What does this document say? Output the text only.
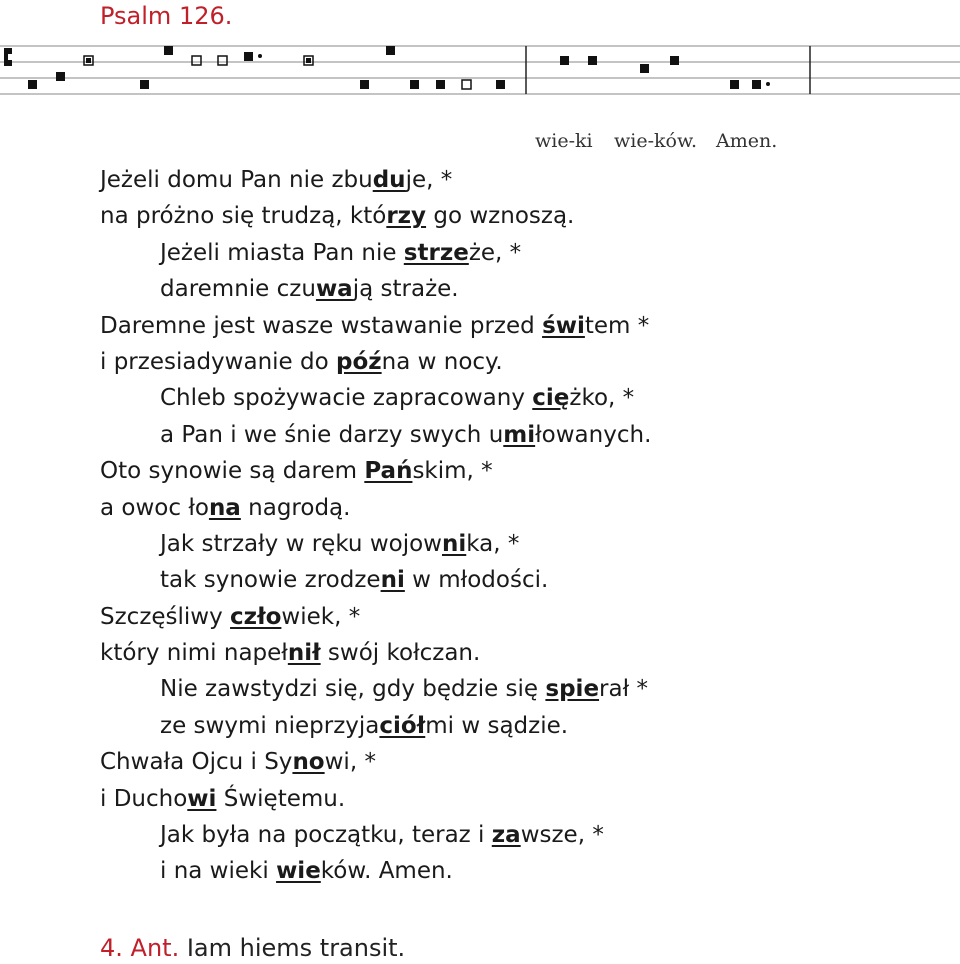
Psalm 126.
wie-ki wie-ków. Amen.
Jeżeli domu Pan nie zbuduje, *
na próżno się trudzą, którzy go wznoszą.
Jeżeli miasta Pan nie strzeże, *
daremnie czuwają straże.
Daremne jest wasze wstawanie przed świtem *
i przesiadywanie do późna w nocy.
Chleb spożywacie zapracowany ciężko, *
a Pan i we śnie darzy swych umiłowanych.
Oto synowie są darem Pańskim, *
a owoc łona nagrodą.
Jak strzały w ręku wojownika, *
tak synowie zrodzeni w młodości.
Szczęśliwy człowiek, *
który nimi napełnił swój kołczan.
Nie zawstydzi się, gdy będzie się spierał *
ze swymi nieprzyjaciółmi w sądzie.
Chwała Ojcu i Synowi, *
i Duchowi Świętemu.
Jak była na początku, teraz i zawsze, *
i na wieki wieków. Amen.
4. Ant. Iam hiems transit.
